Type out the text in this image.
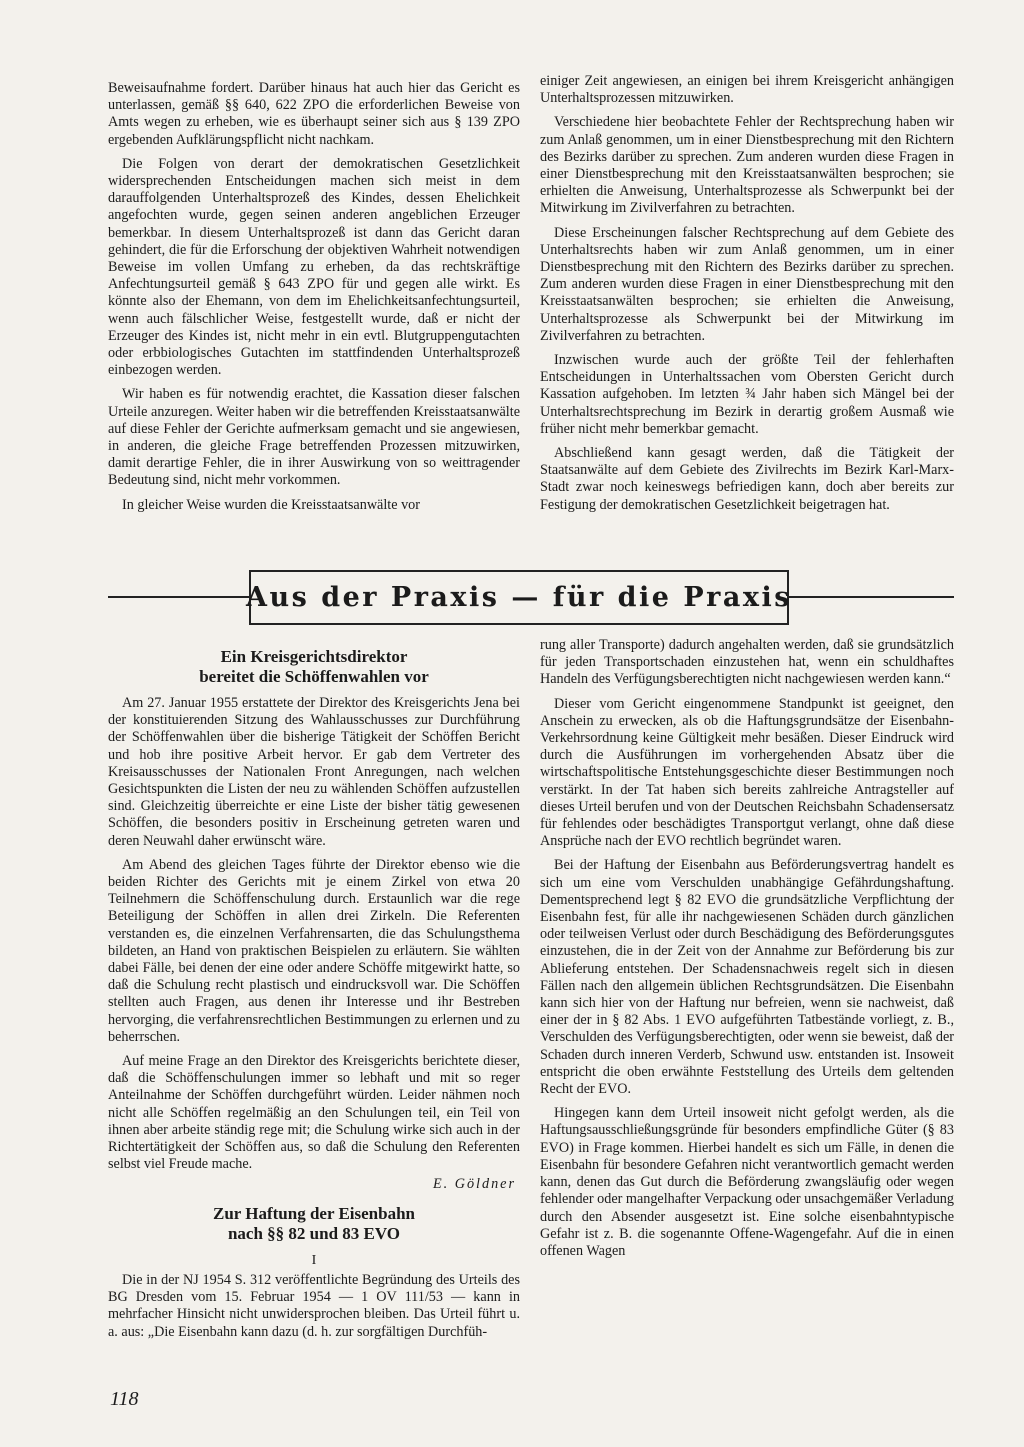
Beweisaufnahme fordert. Darüber hinaus hat auch hier das Gericht es unterlassen, gemäß §§ 640, 622 ZPO die erforderlichen Beweise von Amts wegen zu erheben, wie es überhaupt seiner sich aus § 139 ZPO ergebenden Aufklärungspflicht nicht nachkam.

Die Folgen von derart der demokratischen Gesetzlichkeit widersprechenden Entscheidungen machen sich meist in dem darauffolgenden Unterhaltsprozeß des Kindes, dessen Ehelichkeit angefochten wurde, gegen seinen anderen angeblichen Erzeuger bemerkbar. In diesem Unterhaltsprozeß ist dann das Gericht daran gehindert, die für die Erforschung der objektiven Wahrheit notwendigen Beweise im vollen Umfang zu erheben, da das rechtskräftige Anfechtungsurteil gemäß § 643 ZPO für und gegen alle wirkt. Es könnte also der Ehemann, von dem im Ehelichkeitsanfechtungsurteil, wenn auch fälschlicher Weise, festgestellt wurde, daß er nicht der Erzeuger des Kindes ist, nicht mehr in ein evtl. Blutgruppengutachten oder erbbiologisches Gutachten im stattfindenden Unterhaltsprozeß einbezogen werden.

Wir haben es für notwendig erachtet, die Kassation dieser falschen Urteile anzuregen. Weiter haben wir die betreffenden Kreisstaatsanwälte auf diese Fehler der Gerichte aufmerksam gemacht und sie angewiesen, in anderen, die gleiche Frage betreffenden Prozessen mitzuwirken, damit derartige Fehler, die in ihrer Auswirkung von so weittragender Bedeutung sind, nicht mehr vorkommen.

In gleicher Weise wurden die Kreisstaatsanwälte vor

einiger Zeit angewiesen, an einigen bei ihrem Kreisgericht anhängigen Unterhaltsprozessen mitzuwirken.

Verschiedene hier beobachtete Fehler der Rechtsprechung haben wir zum Anlaß genommen, um in einer Dienstbesprechung mit den Richtern des Bezirks darüber zu sprechen. Zum anderen wurden diese Fragen in einer Dienstbesprechung mit den Kreisstaatsanwälten besprochen; sie erhielten die Anweisung, Unterhaltsprozesse als Schwerpunkt bei der Mitwirkung im Zivilverfahren zu betrachten.

Diese Erscheinungen falscher Rechtsprechung auf dem Gebiete des Unterhaltsrechts haben wir zum Anlaß genommen, um in einer Dienstbesprechung mit den Richtern des Bezirks darüber zu sprechen. Zum anderen wurden diese Fragen in einer Dienstbesprechung mit den Kreisstaatsanwälten besprochen; sie erhielten die Anweisung, Unterhaltsprozesse als Schwerpunkt bei der Mitwirkung im Zivilverfahren zu betrachten.

Inzwischen wurde auch der größte Teil der fehlerhaften Entscheidungen in Unterhaltssachen vom Obersten Gericht durch Kassation aufgehoben. Im letzten ¾ Jahr haben sich Mängel bei der Unterhaltsrechtsprechung im Bezirk in derartig großem Ausmaß wie früher nicht mehr bemerkbar gemacht.

Abschließend kann gesagt werden, daß die Tätigkeit der Staatsanwälte auf dem Gebiete des Zivilrechts im Bezirk Karl-Marx-Stadt zwar noch keineswegs befriedigen kann, doch aber bereits zur Festigung der demokratischen Gesetzlichkeit beigetragen hat.

Aus der Praxis — für die Praxis
Ein Kreisgerichtsdirektor
bereitet die Schöffenwahlen vor

Am 27. Januar 1955 erstattete der Direktor des Kreisgerichts Jena bei der konstituierenden Sitzung des Wahlausschusses zur Durchführung der Schöffenwahlen über die bisherige Tätigkeit der Schöffen Bericht und hob ihre positive Arbeit hervor. Er gab dem Vertreter des Kreisausschusses der Nationalen Front Anregungen, nach welchen Gesichtspunkten die Listen der neu zu wählenden Schöffen aufzustellen sind. Gleichzeitig überreichte er eine Liste der bisher tätig gewesenen Schöffen, die besonders positiv in Erscheinung getreten waren und deren Neuwahl daher erwünscht wäre.

Am Abend des gleichen Tages führte der Direktor ebenso wie die beiden Richter des Gerichts mit je einem Zirkel von etwa 20 Teilnehmern die Schöffenschulung durch. Erstaunlich war die rege Beteiligung der Schöffen in allen drei Zirkeln. Die Referenten verstanden es, die einzelnen Verfahrensarten, die das Schulungsthema bildeten, an Hand von praktischen Beispielen zu erläutern. Sie wählten dabei Fälle, bei denen der eine oder andere Schöffe mitgewirkt hatte, so daß die Schulung recht plastisch und eindrucksvoll war. Die Schöffen stellten auch Fragen, aus denen ihr Interesse und ihr Bestreben hervorging, die verfahrensrechtlichen Bestimmungen zu erlernen und zu beherrschen.

Auf meine Frage an den Direktor des Kreisgerichts berichtete dieser, daß die Schöffenschulungen immer so lebhaft und mit so reger Anteilnahme der Schöffen durchgeführt würden. Leider nähmen noch nicht alle Schöffen regelmäßig an den Schulungen teil, ein Teil von ihnen aber arbeite ständig rege mit; die Schulung wirke sich auch in der Richtertätigkeit der Schöffen aus, so daß die Schulung den Referenten selbst viel Freude mache.

E. Göldner
Zur Haftung der Eisenbahn
nach §§ 82 und 83 EVO
I

Die in der NJ 1954 S. 312 veröffentlichte Begründung des Urteils des BG Dresden vom 15. Februar 1954 — 1 OV 111/53 — kann in mehrfacher Hinsicht nicht unwidersprochen bleiben. Das Urteil führt u. a. aus: „Die Eisenbahn kann dazu (d. h. zur sorgfältigen Durchfüh-

rung aller Transporte) dadurch angehalten werden, daß sie grundsätzlich für jeden Transportschaden einzustehen hat, wenn ein schuldhaftes Handeln des Verfügungsberechtigten nicht nachgewiesen werden kann.“

Dieser vom Gericht eingenommene Standpunkt ist geeignet, den Anschein zu erwecken, als ob die Haftungsgrundsätze der Eisenbahn-Verkehrsordnung keine Gültigkeit mehr besäßen. Dieser Eindruck wird durch die Ausführungen im vorhergehenden Absatz über die wirtschaftspolitische Entstehungsgeschichte dieser Bestimmungen noch verstärkt. In der Tat haben sich bereits zahlreiche Antragsteller auf dieses Urteil berufen und von der Deutschen Reichsbahn Schadensersatz für fehlendes oder beschädigtes Transportgut verlangt, ohne daß diese Ansprüche nach der EVO rechtlich begründet waren.

Bei der Haftung der Eisenbahn aus Beförderungsvertrag handelt es sich um eine vom Verschulden unabhängige Gefährdungshaftung. Dementsprechend legt § 82 EVO die grundsätzliche Verpflichtung der Eisenbahn fest, für alle ihr nachgewiesenen Schäden durch gänzlichen oder teilweisen Verlust oder durch Beschädigung des Beförderungsgutes einzustehen, die in der Zeit von der Annahme zur Beförderung bis zur Ablieferung entstehen. Der Schadensnachweis regelt sich in diesen Fällen nach den allgemein üblichen Rechtsgrundsätzen. Die Eisenbahn kann sich hier von der Haftung nur befreien, wenn sie nachweist, daß einer der in § 82 Abs. 1 EVO aufgeführten Tatbestände vorliegt, z. B., Verschulden des Verfügungsberechtigten, oder wenn sie beweist, daß der Schaden durch inneren Verderb, Schwund usw. entstanden ist. Insoweit entspricht die oben erwähnte Feststellung des Urteils dem geltenden Recht der EVO.

Hingegen kann dem Urteil insoweit nicht gefolgt werden, als die Haftungsausschließungsgründe für besonders empfindliche Güter (§ 83 EVO) in Frage kommen. Hierbei handelt es sich um Fälle, in denen die Eisenbahn für besondere Gefahren nicht verantwortlich gemacht werden kann, denen das Gut durch die Beförderung zwangsläufig oder wegen fehlender oder mangelhafter Verpackung oder unsachgemäßer Verladung durch den Absender ausgesetzt ist. Eine solche eisenbahntypische Gefahr ist z. B. die sogenannte Offene-Wagengefahr. Auf die in einen offenen Wagen

118
